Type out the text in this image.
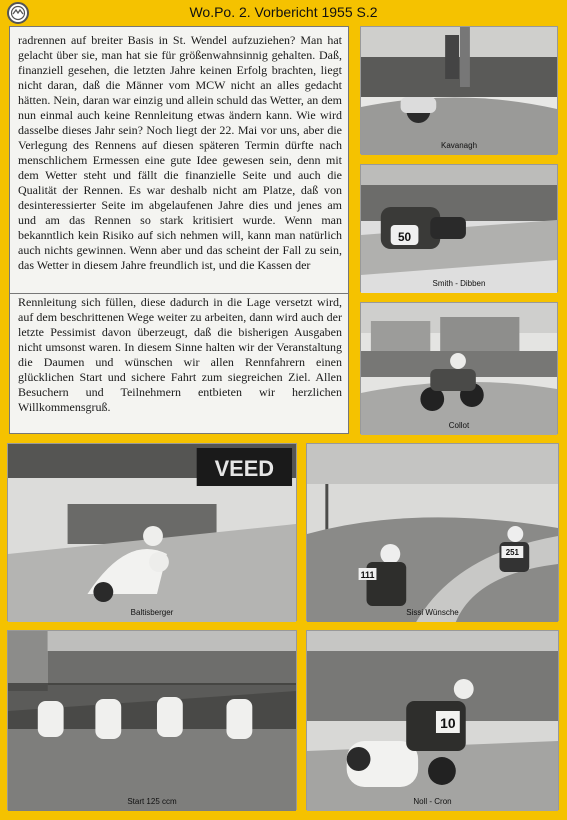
Wo.Po. 2. Vorbericht 1955 S.2

radrennen auf breiter Basis in St. Wendel aufzuziehen? Man hat gelacht über sie, man hat sie für größenwahnsinnig gehalten. Daß, finanziell gesehen, die letzten Jahre keinen Erfolg brachten, liegt nicht daran, daß die Männer vom MCW nicht an alles gedacht hätten. Nein, daran war einzig und allein schuld das Wetter, an dem nun einmal auch keine Rennleitung etwas ändern kann. Wie wird dasselbe dieses Jahr sein? Noch liegt der 22. Mai vor uns, aber die Verlegung des Rennens auf diesen späteren Termin dürfte nach menschlichem Ermessen eine gute Idee gewesen sein, denn mit dem Wetter steht und fällt die finanzielle Seite und auch die Qualität der Rennen. Es war deshalb nicht am Platze, daß von desinteressierter Seite im abgelaufenen Jahre dies und jenes am und am das Rennen so stark kritisiert wurde. Wenn man bekanntlich kein Risiko auf sich nehmen will, kann man natürlich auch nichts gewinnen. Wenn aber und das scheint der Fall zu sein, das Wetter in diesem Jahre freundlich ist, und die Kassen der

Rennleitung sich füllen, diese dadurch in die Lage versetzt wird, auf dem beschrittenen Wege weiter zu arbeiten, dann wird auch der letzte Pessimist davon überzeugt, daß die bisherigen Ausgaben nicht umsonst waren. In diesem Sinne halten wir der Veranstaltung die Daumen und wünschen wir allen Rennfahrern einen glücklichen Start und sichere Fahrt zum siegreichen Ziel. Allen Besuchern und Teilnehmern entbieten wir herzlichen Willkommensgruß.

Kavanagh
50
Smith - Dibben
Collot
VEED
Baltisberger
111
251
Sissi Wünsche
Start 125 ccm
10
Noll - Cron
